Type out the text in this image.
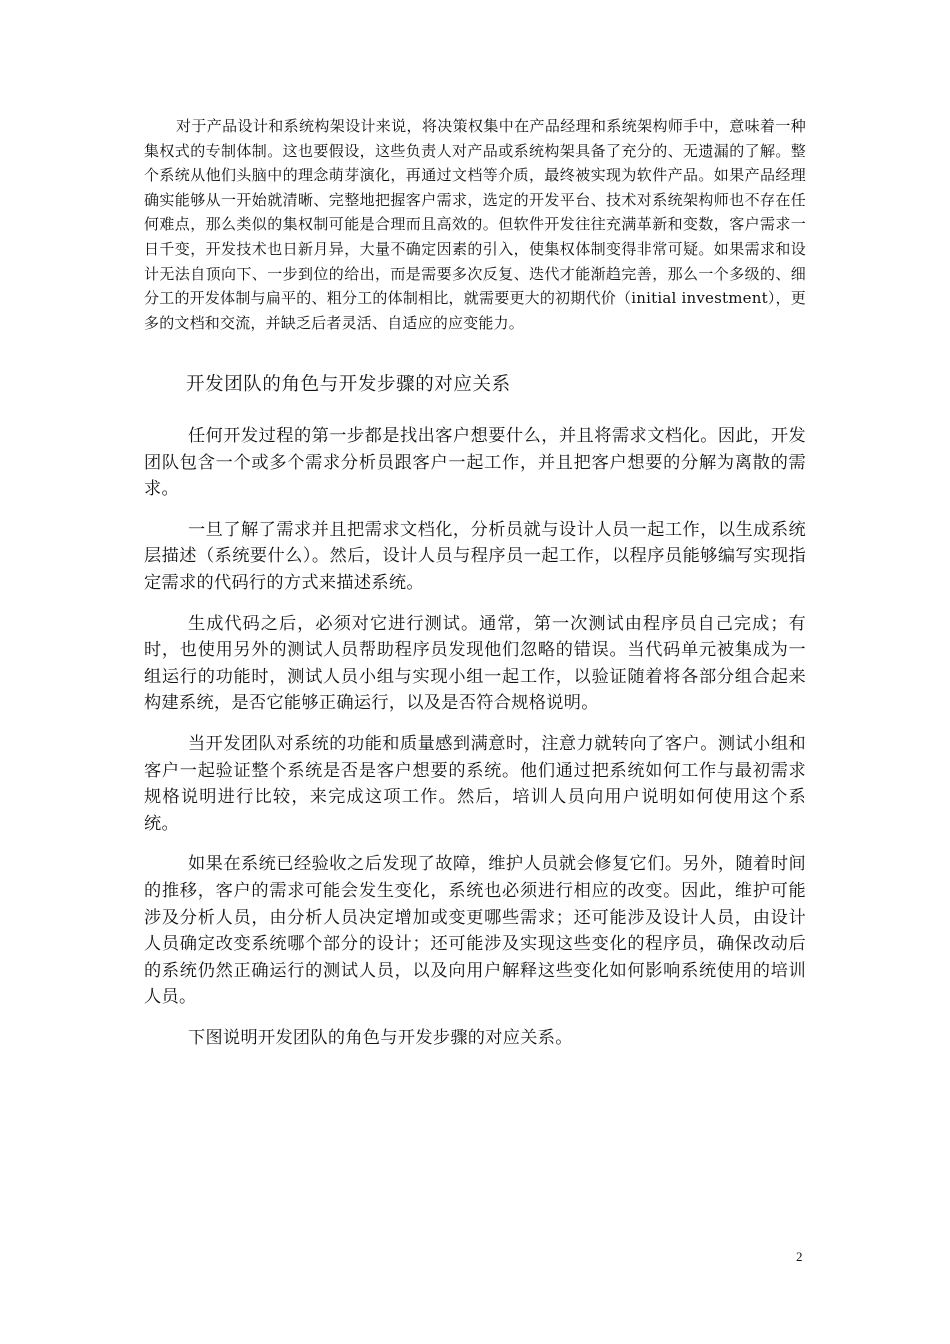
对于产品设计和系统构架设计来说，将决策权集中在产品经理和系统架构师手中，意味着一种集权式的专制体制。这也要假设，这些负责人对产品或系统构架具备了充分的、无遗漏的了解。整个系统从他们头脑中的理念萌芽演化，再通过文档等介质，最终被实现为软件产品。如果产品经理确实能够从一开始就清晰、完整地把握客户需求，选定的开发平台、技术对系统架构师也不存在任何难点，那么类似的集权制可能是合理而且高效的。但软件开发往往充满革新和变数，客户需求一日千变，开发技术也日新月异，大量不确定因素的引入，使集权体制变得非常可疑。如果需求和设计无法自顶向下、一步到位的给出，而是需要多次反复、迭代才能渐趋完善，那么一个多级的、细分工的开发体制与扁平的、粗分工的体制相比，就需要更大的初期代价（initial investment），更多的文档和交流，并缺乏后者灵活、自适应的应变能力。

开发团队的角色与开发步骤的对应关系

任何开发过程的第一步都是找出客户想要什么，并且将需求文档化。因此，开发团队包含一个或多个需求分析员跟客户一起工作，并且把客户想要的分解为离散的需求。

一旦了解了需求并且把需求文档化，分析员就与设计人员一起工作，以生成系统层描述（系统要什么）。然后，设计人员与程序员一起工作，以程序员能够编写实现指定需求的代码行的方式来描述系统。

生成代码之后，必须对它进行测试。通常，第一次测试由程序员自己完成；有时，也使用另外的测试人员帮助程序员发现他们忽略的错误。当代码单元被集成为一组运行的功能时，测试人员小组与实现小组一起工作，以验证随着将各部分组合起来构建系统，是否它能够正确运行，以及是否符合规格说明。

当开发团队对系统的功能和质量感到满意时，注意力就转向了客户。测试小组和客户一起验证整个系统是否是客户想要的系统。他们通过把系统如何工作与最初需求规格说明进行比较，来完成这项工作。然后，培训人员向用户说明如何使用这个系统。

如果在系统已经验收之后发现了故障，维护人员就会修复它们。另外，随着时间的推移，客户的需求可能会发生变化，系统也必须进行相应的改变。因此，维护可能涉及分析人员，由分析人员决定增加或变更哪些需求；还可能涉及设计人员，由设计人员确定改变系统哪个部分的设计；还可能涉及实现这些变化的程序员，确保改动后的系统仍然正确运行的测试人员，以及向用户解释这些变化如何影响系统使用的培训人员。

下图说明开发团队的角色与开发步骤的对应关系。

2
